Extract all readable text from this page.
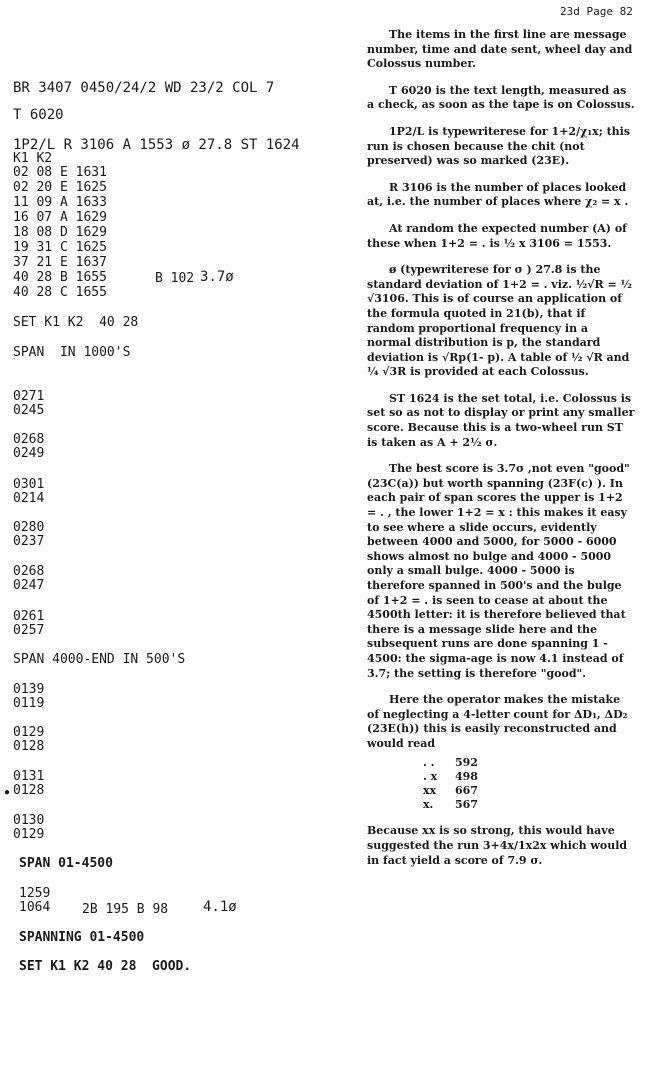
23d Page 82
BR 3407 0450/24/2 WD 23/2 COL 7
T 6020
1P2/L R 3106 A 1553 ø 27.8 ST 1624
K1 K2
02 08 E 1631
02 20 E 1625
11 09 A 1633
16 07 A 1629
18 08 D 1629
19 31 C 1625
37 21 E 1637
40 28 B 1655
40 28 C 1655
B 102 3.7ø
SET K1 K2  40 28
SPAN  IN 1000'S
0271
0245
0268
0249
0301
0214
0280
0237
0268
0247
0261
0257
SPAN 4000-END IN 500'S
0139
0119
0129
0128
0131
0128
●
0130
0129
SPAN 01-4500
1259
1064 2B 195 B 98 4.1ø
SPANNING 01-4500
SET K1 K2 40 28  GOOD.

The items in the first line are message number, time and date sent, wheel day and Colossus number.

T 6020 is the text length, measured as a check, as soon as the tape is on Colossus.

1P2/L is typewriterese for 1+2/χ₁x; this run is chosen because the chit (not preserved) was so marked (23E).

R 3106 is the number of places looked at, i.e. the number of places where χ₂ = x .

At random the expected number (A) of these when 1+2 = . is ½ x 3106 = 1553.

ø (typewriterese for σ ) 27.8 is the standard deviation of 1+2 = . viz. ½√R = ½ √3106. This is of course an application of the formula quoted in 21(b), that if random proportional frequency in a normal distribution is p, the standard deviation is √Rp(1- p). A table of ½ √R and ¼ √3R is provided at each Colossus.

ST 1624 is the set total, i.e. Colossus is set so as not to display or print any smaller score. Because this is a two-wheel run ST is taken as A + 2½ σ.

The best score is 3.7σ ,not even "good" (23C(a)) but worth spanning (23F(c) ). In each pair of span scores the upper is 1+2 = . , the lower 1+2 = x : this makes it easy to see where a slide occurs, evidently between 4000 and 5000, for 5000 - 6000 shows almost no bulge and 4000 - 5000 only a small bulge. 4000 - 5000 is therefore spanned in 500's and the bulge of 1+2 = . is seen to cease at about the 4500th letter: it is therefore believed that there is a message slide here and the subsequent runs are done spanning 1 - 4500: the sigma-age is now 4.1 instead of 3.7; the setting is therefore "good".

Here the operator makes the mistake of neglecting a 4-letter count for ΔD₁, ΔD₂ (23E(h)) this is easily reconstructed and would read

. .	592
. x	498
xx	667
x.	567

Because xx is so strong, this would have suggested the run 3+4x/1x2x which would in fact yield a score of 7.9 σ.
